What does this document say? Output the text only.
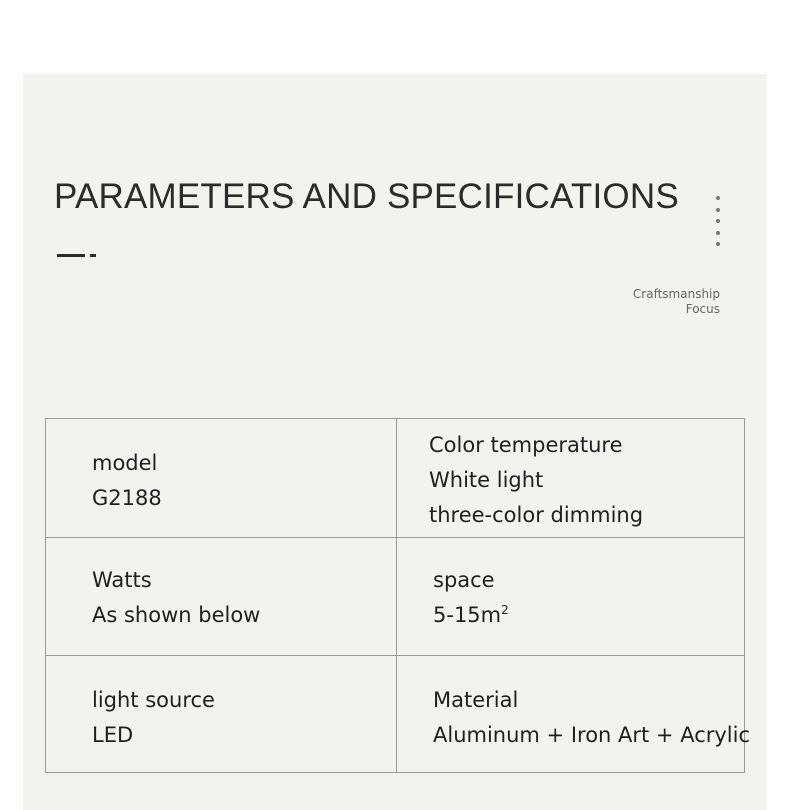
PARAMETERS AND SPECIFICATIONS
Craftsmanship
Focus
model
G2188
Color temperature
White light
three-color dimming
Watts
As shown below
space
$5-15m^2$
light source
LED
Material
Aluminum + Iron Art + Acrylic
